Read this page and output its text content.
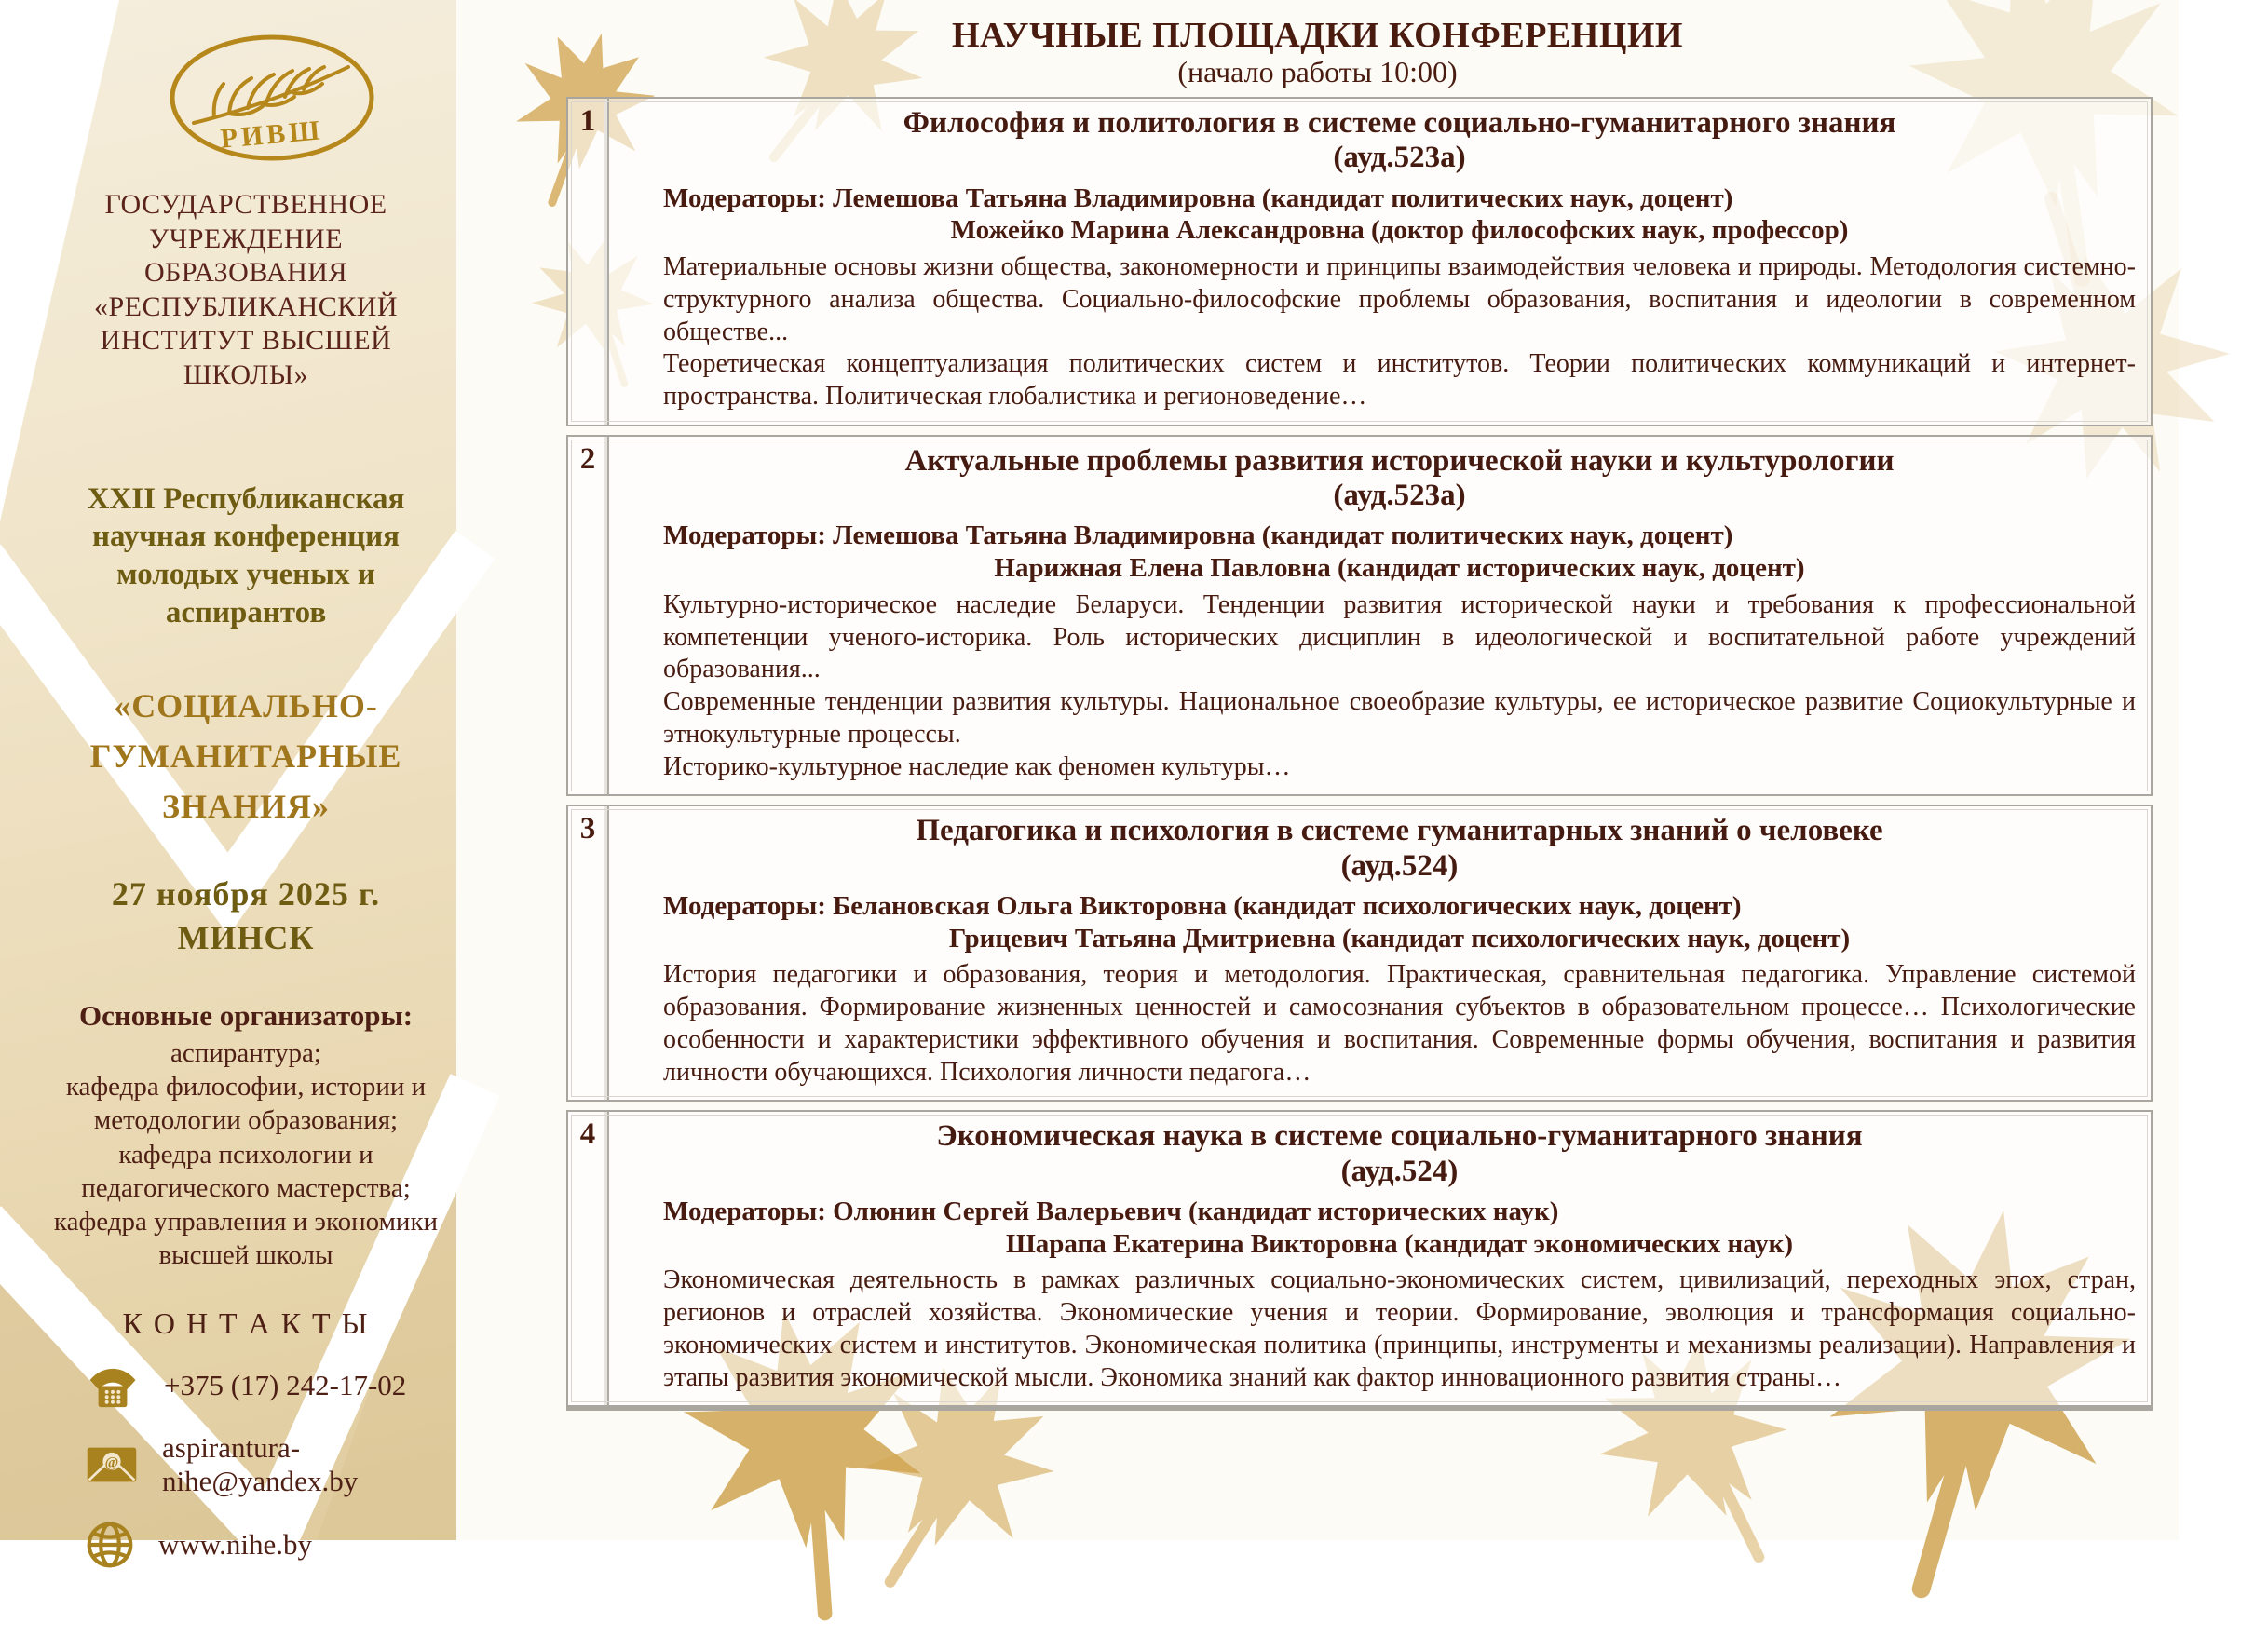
РИВШ
ГОСУДАРСТВЕННОЕ УЧРЕЖДЕНИЕ ОБРАЗОВАНИЯ «РЕСПУБЛИКАНСКИЙ ИНСТИТУТ ВЫСШЕЙ ШКОЛЫ»
XXII Республиканская научная конференция молодых ученых и аспирантов
«СОЦИАЛЬНО-ГУМАНИТАРНЫЕ ЗНАНИЯ»
27 ноября 2025 г.
МИНСК
Основные организаторы:
аспирантура;
кафедра философии, истории и методологии образования;
кафедра психологии и педагогического мастерства;
кафедра управления и экономики высшей школы
К О Н Т А К Т Ы
+375 (17) 242-17-02
@ aspirantura-nihe@yandex.by
www.nihe.by
НАУЧНЫЕ ПЛОЩАДКИ КОНФЕРЕНЦИИ
(начало работы 10:00)
1	Философия и политология в системе социально-гуманитарного знания
(ауд.523а)
Модераторы: Лемешова Татьяна Владимировна (кандидат политических наук, доцент)
Можейко Марина Александровна (доктор философских наук, профессор)

Материальные основы жизни общества, закономерности и принципы взаимодействия человека и природы. Методология системно-структурного анализа общества. Социально-философские проблемы образования, воспитания и идеологии в современном обществе...

Теоретическая концептуализация политических систем и институтов. Теории политических коммуникаций и интернет-пространства. Политическая глобалистика и регионоведение…

2	Актуальные проблемы развития исторической науки и культурологии
(ауд.523а)
Модераторы: Лемешова Татьяна Владимировна (кандидат политических наук, доцент)
Нарижная Елена Павловна (кандидат исторических наук, доцент)

Культурно-историческое наследие Беларуси. Тенденции развития исторической науки и требования к профессиональной компетенции ученого-историка. Роль исторических дисциплин в идеологической и воспитательной работе учреждений образования...

Современные тенденции развития культуры. Национальное своеобразие культуры, ее историческое развитие Социокультурные и этнокультурные процессы.

Историко-культурное наследие как феномен культуры…

3	Педагогика и психология в системе гуманитарных знаний о человеке
(ауд.524)
Модераторы: Белановская Ольга Викторовна (кандидат психологических наук, доцент)
Грицевич Татьяна Дмитриевна (кандидат психологических наук, доцент)

История педагогики и образования, теория и методология. Практическая, сравнительная педагогика. Управление системой образования. Формирование жизненных ценностей и самосознания субъектов в образовательном процессе… Психологические особенности и характеристики эффективного обучения и воспитания. Современные формы обучения, воспитания и развития личности обучающихся. Психология личности педагога…

4	Экономическая наука в системе социально-гуманитарного знания
(ауд.524)
Модераторы: Олюнин Сергей Валерьевич (кандидат исторических наук)
Шарапа Екатерина Викторовна (кандидат экономических наук)

Экономическая деятельность в рамках различных социально-экономических систем, цивилизаций, переходных эпох, стран, регионов и отраслей хозяйства. Экономические учения и теории. Формирование, эволюция и трансформация социально-экономических систем и институтов. Экономическая политика (принципы, инструменты и механизмы реализации). Направления и этапы развития экономической мысли. Экономика знаний как фактор инновационного развития страны…
